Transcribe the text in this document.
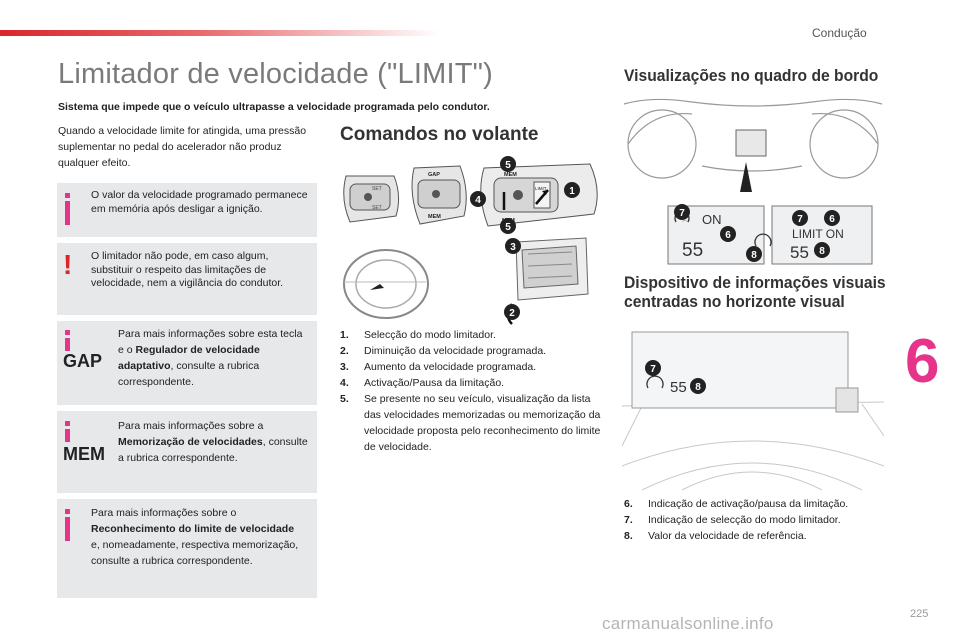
Condução
Limitador de velocidade ("LIMIT")
Sistema que impede que o veículo ultrapasse a velocidade programada pelo condutor.
Quando a velocidade limite for atingida, uma pressão suplementar no pedal do acelerador não produz qualquer efeito.
O valor da velocidade programado permanece em memória após desligar a ignição.
! O limitador não pode, em caso algum, substituir o respeito das limitações de velocidade, nem a vigilância do condutor.
GAP
Para mais informações sobre esta tecla e o Regulador de velocidade adaptativo, consulte a rubrica correspondente.
MEM
Para mais informações sobre a Memorização de velocidades, consulte a rubrica correspondente.
Para mais informações sobre o Reconhecimento do limite de velocidade e, nomeadamente, respectiva memorização, consulte a rubrica correspondente.
Comandos no volante
SET
SET
GAP
MEM
MEM
LIMIT 1
2
3
4
5
5
1. Selecção do modo limitador.
2. Diminuição da velocidade programada.
3. Aumento da velocidade programada.
4. Activação/Pausa da limitação.
5. Se presente no seu veículo, visualização da lista das velocidades memorizadas ou memorização da velocidade proposta pelo reconhecimento do limite de velocidade.
Visualizações no quadro de bordo
⌒ ON
55
LIMIT ON
55
7
6
8
7	6
8
Dispositivo de informações visuais centradas no horizonte visual
55
7
8
6. Indicação de activação/pausa da limitação.
7. Indicação de selecção do modo limitador.
8. Valor da velocidade de referência.
6
225
carmanualsonline.info
